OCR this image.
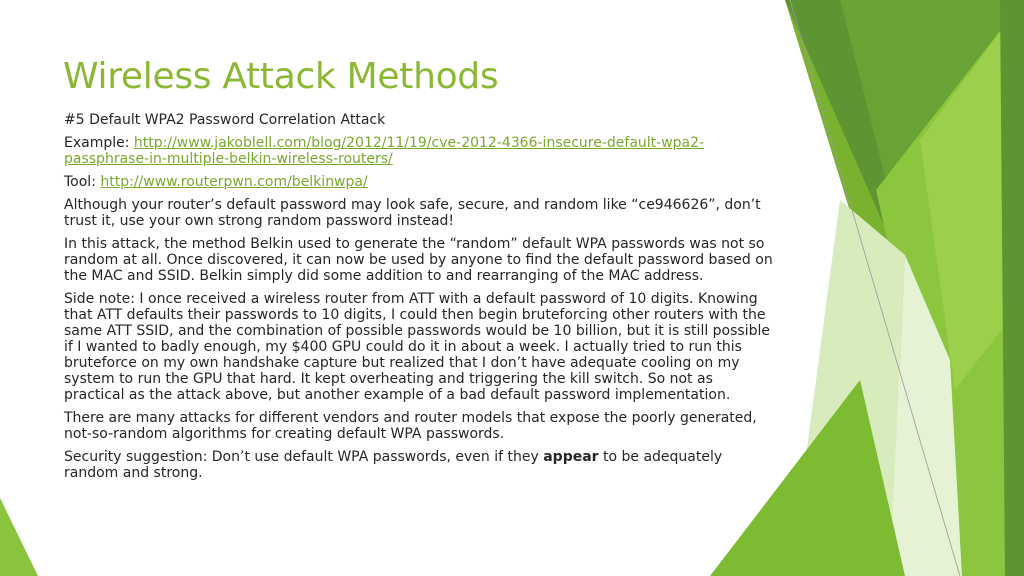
Wireless Attack Methods

#5 Default WPA2 Password Correlation Attack

Example: http://www.jakoblell.com/blog/2012/11/19/cve-2012-4366-insecure-default-wpa2-passphrase-in-multiple-belkin-wireless-routers/

Tool: http://www.routerpwn.com/belkinwpa/

Although your router’s default password may look safe, secure, and random like “ce946626”, don’t trust it, use your own strong random password instead!

In this attack, the method Belkin used to generate the “random” default WPA passwords was not so random at all. Once discovered, it can now be used by anyone to find the default password based on the MAC and SSID. Belkin simply did some addition to and rearranging of the MAC address.

Side note: I once received a wireless router from ATT with a default password of 10 digits. Knowing that ATT defaults their passwords to 10 digits, I could then begin bruteforcing other routers with the same ATT SSID, and the combination of possible passwords would be 10 billion, but it is still possible if I wanted to badly enough, my $400 GPU could do it in about a week. I actually tried to run this bruteforce on my own handshake capture but realized that I don’t have adequate cooling on my system to run the GPU that hard. It kept overheating and triggering the kill switch. So not as practical as the attack above, but another example of a bad default password implementation.

There are many attacks for different vendors and router models that expose the poorly generated, not-so-random algorithms for creating default WPA passwords.

Security suggestion: Don’t use default WPA passwords, even if they appear to be adequately random and strong.
